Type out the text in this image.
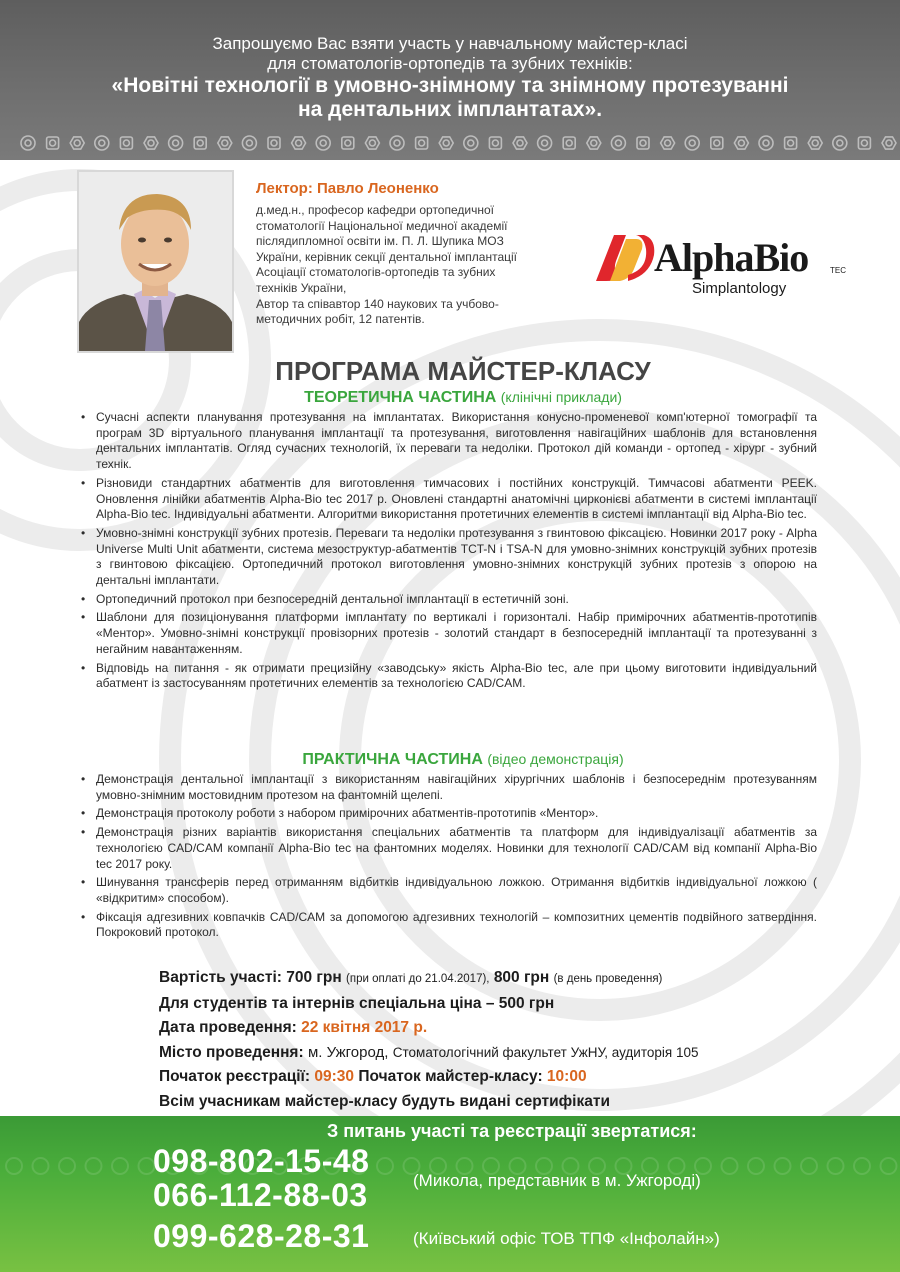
Запрошуємо Вас взяти участь у навчальному майстер-класі
для стоматологів-ортопедів та зубних техніків:
«Новітні технології в умовно-знімному та знімному протезуванні
на дентальних імплантатах».
Лектор: Павло Леоненко
д.мед.н., професор кафедри ортопедичної
стоматології Національної медичної академії
післядипломної освіти ім. П. Л. Шупика МОЗ
України, керівник секції дентальної імплантації
Асоціації стоматологів-ортопедів та зубних
техніків України,
Автор та співавтор 140 наукових та учбово-
методичних робіт, 12 патентів.
AlphaBio	TEC
Simplantology
ПРОГРАМА МАЙСТЕР-КЛАСУ
ТЕОРЕТИЧНА ЧАСТИНА (клінічні приклади)
• Сучасні аспекти планування протезування на імплантатах. Використання конусно-променевої комп'ютерної томографії та програм 3D віртуального планування імплантації та протезування, виготовлення навігаційних шаблонів для встановлення дентальних імплантатів. Огляд сучасних технологій, їх переваги та недоліки. Протокол дій команди - ортопед - хірург - зубний технік.
• Різновиди стандартних абатментів для виготовлення тимчасових і постійних конструкцій. Тимчасові абатменти PEEK. Оновлення лінійки абатментів Alpha-Bio tec 2017 р. Оновлені стандартні анатомічні цирконієві абатменти в системі імплантації Alpha-Bio tec. Індивідуальні абатменти. Алгоритми використання протетичних елементів в системі імплантації від Alpha-Bio tec.
• Умовно-знімні конструкції зубних протезів. Переваги та недоліки протезування з гвинтовою фіксацією. Новинки 2017 року - Alpha Universe Multi Unit абатменти, система мезоструктур-абатментів TCT-N і TSA-N для умовно-знімних конструкцій зубних протезів з гвинтовою фіксацією. Ортопедичний протокол виготовлення умовно-знімних конструкцій зубних протезів з опорою на дентальні імплантати.
• Ортопедичний протокол при безпосередній дентальної імплантації в естетичній зоні.
• Шаблони для позиціонування платформи імплантату по вертикалі і горизонталі. Набір примірочних абатментів-прототипів «Ментор». Умовно-знімні конструкції провізорних протезів - золотий стандарт в безпосередній імплантації та протезуванні з негайним навантаженням.
• Відповідь на питання - як отримати прецизійну «заводську» якість Alpha-Bio tec, але при цьому виготовити індивідуальний абатмент із застосуванням протетичних елементів за технологією CAD/CAM.
ПРАКТИЧНА ЧАСТИНА (відео демонстрація)
• Демонстрація дентальної імплантації з використанням навігаційних хірургічних шаблонів і безпосереднім протезуванням умовно-знімним мостовидним протезом на фантомній щелепі.
• Демонстрація протоколу роботи з набором примірочних абатментів-прототипів «Ментор».
• Демонстрація різних варіантів використання спеціальних абатментів та платформ для індивідуалізації абатментів за технологією CAD/CAM компанії Alpha-Bio tec на фантомних моделях. Новинки для технології CAD/CAM від компанії Alpha-Bio tec 2017 року.
• Шинування трансферів перед отриманням відбитків індивідуальною ложкою. Отримання відбитків індивідуальної ложкою ( «відкритим» способом).
• Фіксація адгезивних ковпачків CAD/CAM за допомогою адгезивних технологій – композитних цементів подвійного затвердіння. Покроковий протокол.
Вартість участі: 700 грн (при оплаті до 21.04.2017), 800 грн (в день проведення)
Для студентів та інтернів спеціальна ціна – 500 грн
Дата проведення: 22 квітня 2017 р.
Місто проведення: м. Ужгород, Стоматологічний факультет УжНУ, аудиторія 105
Початок реєстрації: 09:30 Початок майстер-класу: 10:00
Всім учасникам майстер-класу будуть видані сертифікати
З питань участі та реєстрації звертатися:
098-802-15-48
066-112-88-03
099-628-28-31
(Микола, представник в м. Ужгороді)
(Київський офіс ТОВ ТПФ «Інфолайн»)
